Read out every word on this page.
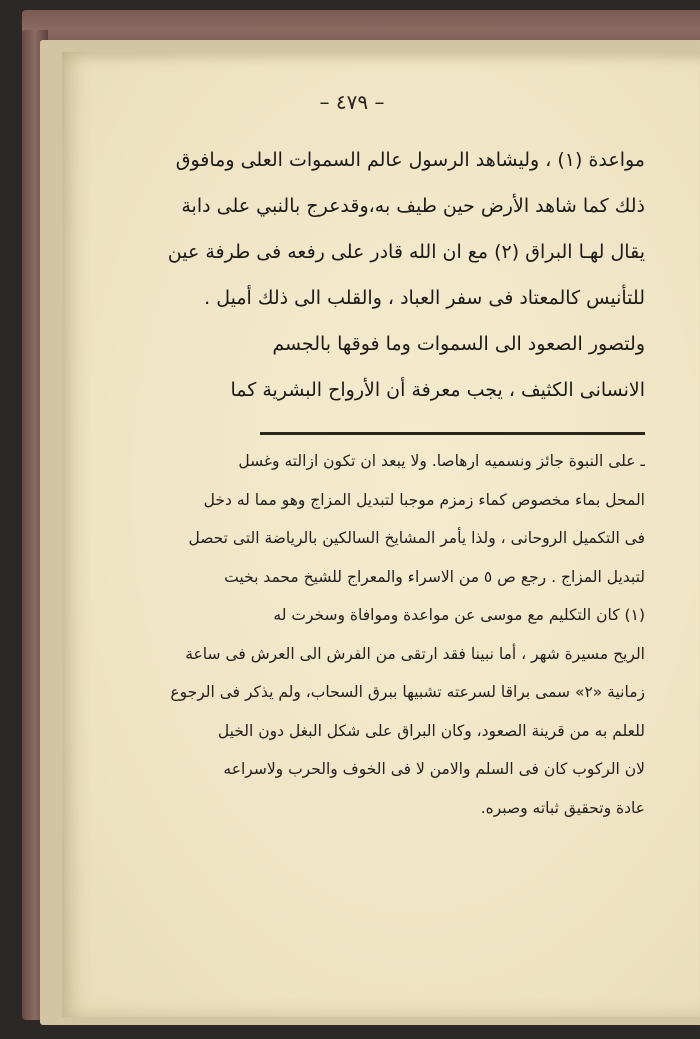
– ٤٧٩ –
مواعدة (١) ، وليشاهد الرسول عالم السموات العلى ومافوق
ذلك كما شاهد الأرض حين طيف به،وقدعرج بالنبي على دابة
يقال لهـا البراق (٢) مع ان الله قادر على رفعه فى طرفة عين
للتأنيس كالمعتاد فى سفر العباد ، والقلب الى ذلك أميل .
ولتصور الصعود الى السموات وما فوقها بالجسم
الانسانى الكثيف ، يجب معرفة أن الأرواح البشرية كما
ـ على النبوة جائز ونسميه ارهاصا. ولا يبعد ان تكون ازالته وغسل
المحل بماء مخصوص كماء زمزم موجبا لتبديل المزاج وهو مما له دخل
فى التكميل الروحانى ، ولذا يأمر المشايخ السالكين بالرياضة التى تحصل
لتبديل المزاج . رجع ص ٥ من الاسراء والمعراج للشيخ محمد بخيت
(١) كان التكليم مع موسى عن مواعدة وموافاة وسخرت له
الريح مسيرة شهر ، أما نبينا فقد ارتقى من الفرش الى العرش فى ساعة
زمانية «٢» سمى براقا لسرعته تشبيها ببرق السحاب، ولم يذكر فى الرجوع
للعلم به من قرينة الصعود، وكان البراق على شكل البغل دون الخيل
لان الركوب كان فى السلم والامن لا فى الخوف والحرب ولاسراعه
عادة وتحقيق ثباته وصبره.
